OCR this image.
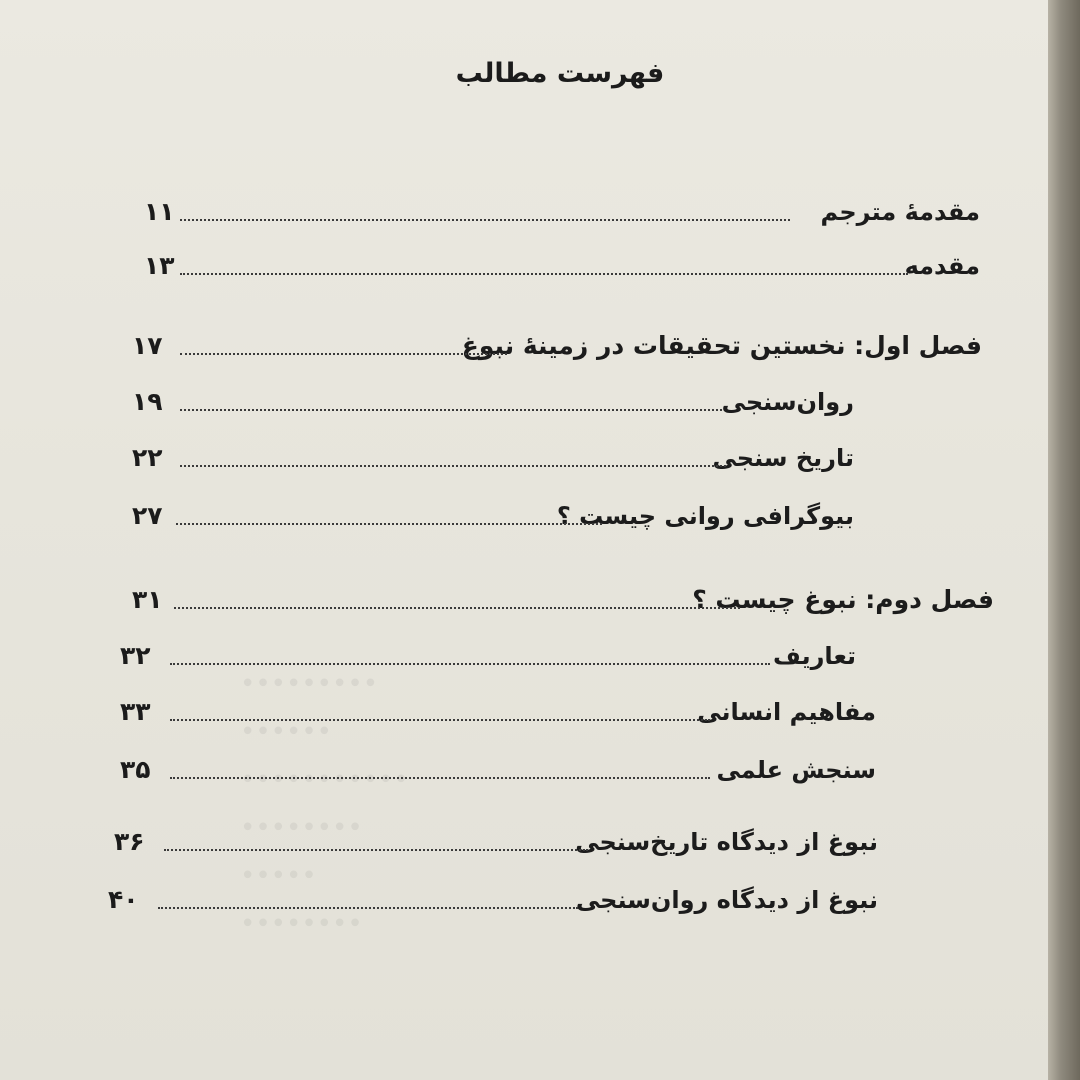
•••••••••
••••••
•••••••••••
••••••••
•••••
••••••••
فهرست مطالب
مقدمهٔ مترجم
۱۱
مقدمه
۱۳
فصل اول: نخستین تحقیقات در زمینهٔ نبوغ
۱۷
روان‌سنجی
۱۹
تاریخ سنجی
۲۲
بیوگرافی روانی چیست ؟
۲۷
فصل دوم: نبوغ چیست ؟
۳۱
تعاریف
۳۲
مفاهیم انسانی
۳۳
سنجش علمی
۳۵
نبوغ از دیدگاه تاریخ‌سنجی
۳۶
نبوغ از دیدگاه روان‌سنجی
۴۰
